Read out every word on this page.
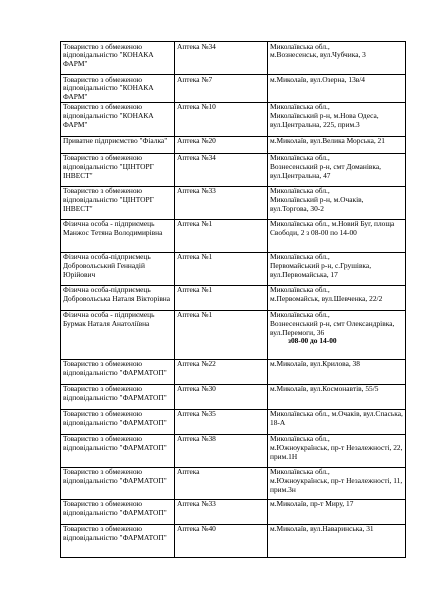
Товариство з обмеженою відповідальністю "КОНАКА ФАРМ"	Аптека №34	Миколаївська обл.,
м.Вознесенськ, вул.Чубчика, 3

Товариство з обмеженою відповідальністю "КОНАКА ФАРМ"	Аптека №7	м.Миколаїв, вул.Озерна, 13в/4

Товариство з обмеженою відповідальністю "КОНАКА ФАРМ"	Аптека №10	Миколаївська обл.,
Миколаївський р-н, м.Нова Одеса, вул.Центральна, 225, прим.3

Приватне підприємство "Фіалка"	Аптека №20	м.Миколаїв, вул.Велика Морська, 21

Товариство з обмеженою відповідальністю "ЦІНТОРГ ІНВЕСТ"	Аптека №34	Миколаївська обл.,
Вознесенський р-н, смт Доманівка, вул.Центральна, 47

Товариство з обмеженою відповідальністю "ЦІНТОРГ ІНВЕСТ"	Аптека №33	Миколаївська обл.,
Миколаївський р-н, м.Очаків, вул.Торгова, 30-2

Фізична особа - підприємець Манжос Тетяна Володимирівна	Аптека №1	Миколаївська обл., м.Новий Буг, площа Свободи, 2 з 08-00 по 14-00

Фізична особа-підприємець Добровольський Геннадій Юрійович	Аптека №1	Миколаївська обл.,
Первомайський р-н, с.Грушівка, вул.Первомайська, 17

Фізична особа-підприємець Добровольська Наталя Вікторівна	Аптека №1	Миколаївська обл.,
м.Первомайськ, вул.Шевченка, 22/2

Фізична особа - підприємець Бурмак Наталя Анатоліївна	Аптека №1	Миколаївська обл.,
Вознесенський р-н, смт Олександрівка, вул.Перемоги, 36
з08-00 до 14-00

Товариство з обмеженою відповідальністю "ФАРМАТОП"	Аптека №22	м.Миколаїв, вул.Крилова, 38

Товариство з обмеженою відповідальністю "ФАРМАТОП"	Аптека №30	м.Миколаїв, вул.Космонавтів, 55/5

Товариство з обмеженою відповідальністю "ФАРМАТОП"	Аптека №35	Миколаївська обл., м.Очаків, вул.Спаська, 18-А

Товариство з обмеженою відповідальністю "ФАРМАТОП"	Аптека №38	Миколаївська обл.,
м.Южноукраїнськ, пр-т Незалежності, 22, прим.1Н

Товариство з обмеженою відповідальністю "ФАРМАТОП"	Аптека	Миколаївська обл.,
м.Южноукраїнськ, пр-т Незалежності, 11, прим.3н

Товариство з обмеженою відповідальністю "ФАРМАТОП"	Аптека №33	м.Миколаїв, пр-т Миру, 17

Товариство з обмеженою відповідальністю "ФАРМАТОП"	Аптека №40	м.Миколаїв, вул.Наваринська, 31
